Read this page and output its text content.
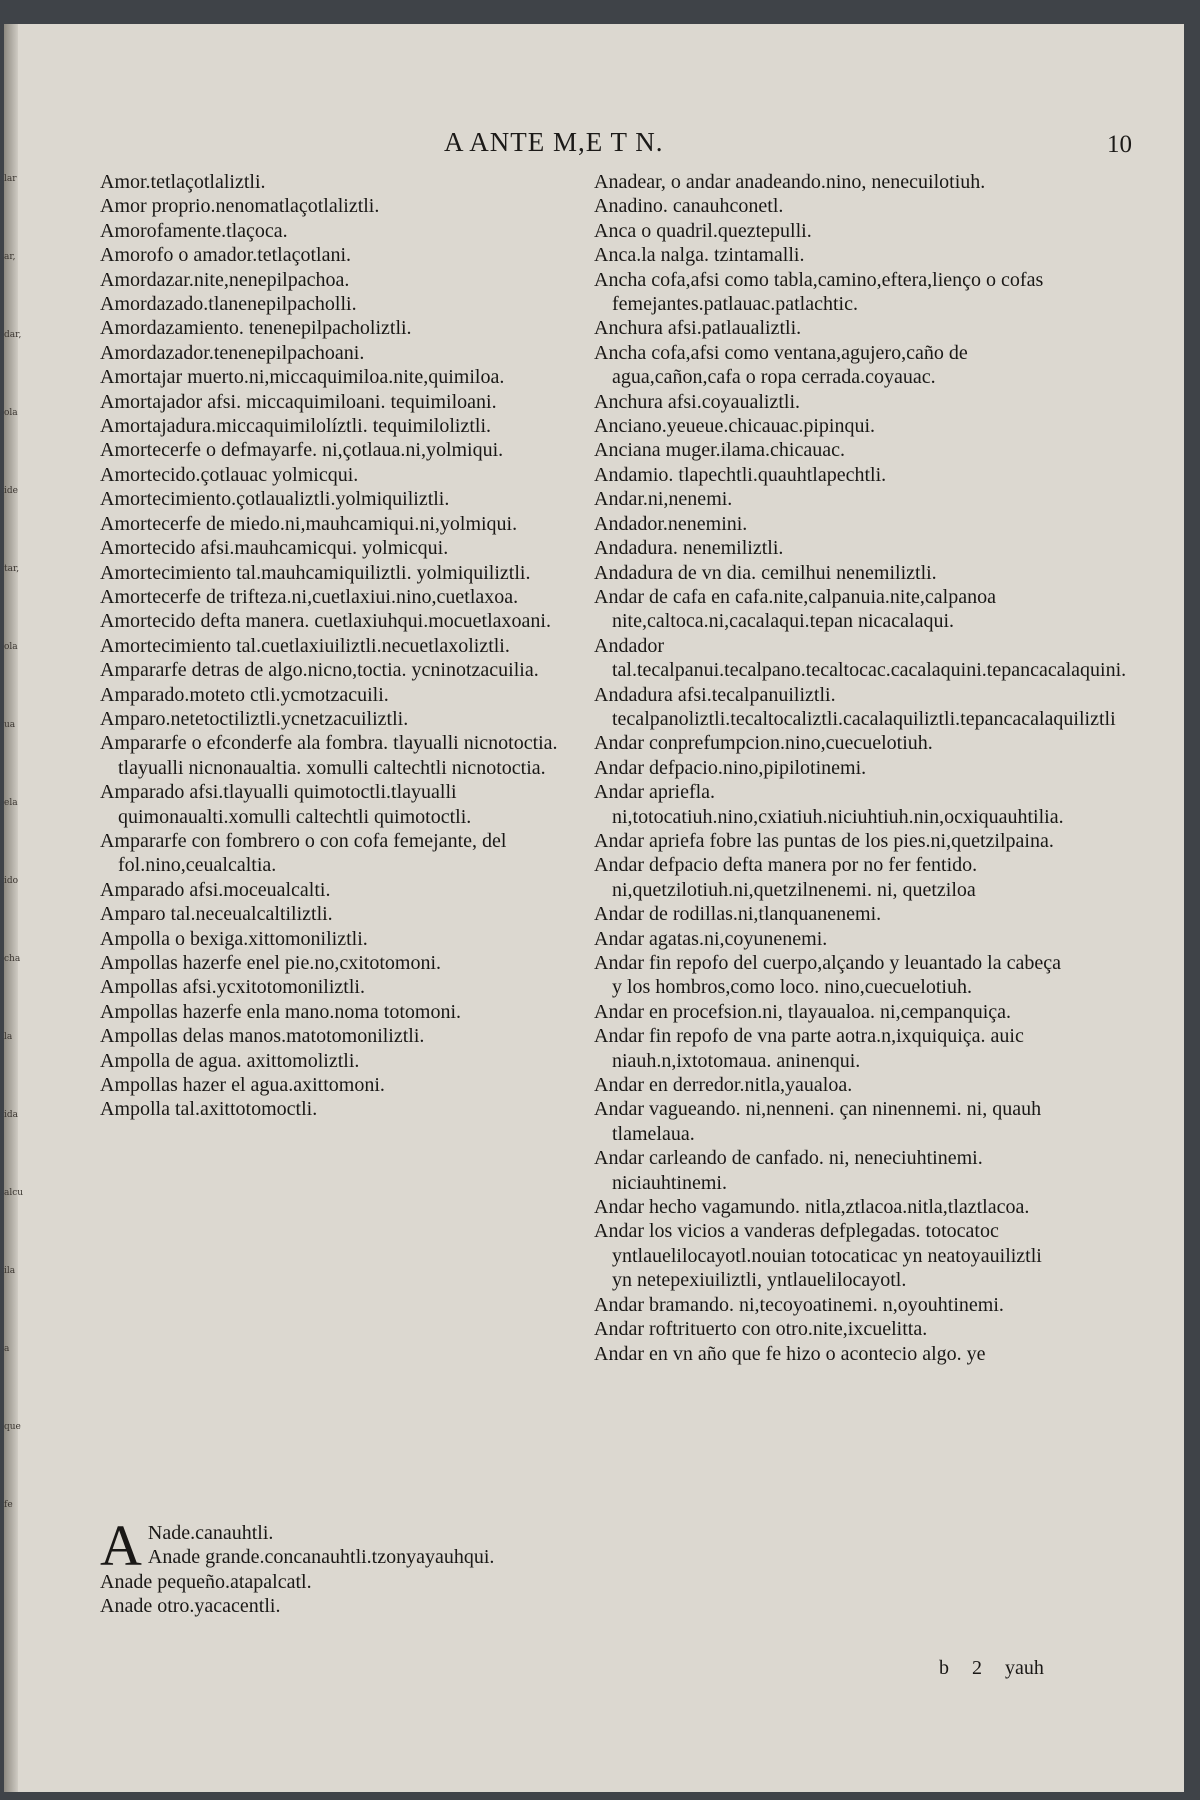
lar
ar,
dar,
ola
ide
tar,
ola
ua
ela
ido
cha
la
ida
alcu
ila
a
que
fe
A ANTE M,E T N.	10
Amor.tetlaçotlaliztli.
Amor proprio.nenomatlaçotlaliztli.
Amorofamente.tlaçoca.
Amorofo o amador.tetlaçotlani.
Amordazar.nite,nenepilpachoa.
Amordazado.tlanenepilpacholli.
Amordazamiento. tenenepilpacholiztli.
Amordazador.tenenepilpachoani.
Amortajar muerto.ni,miccaquimiloa.nite,quimiloa.
Amortajador afsi. miccaquimiloani. tequimiloani.
Amortajadura.miccaquimilolíztli. tequimiloliztli.
Amortecerfe o defmayarfe. ni,çotlaua.ni,yolmiqui.
Amortecido.çotlauac yolmicqui.
Amortecimiento.çotlaualiztli.yolmiquiliztli.
Amortecerfe de miedo.ni,mauhcamiqui.ni,yolmiqui.
Amortecido afsi.mauhcamicqui. yolmicqui.
Amortecimiento tal.mauhcamiquiliztli. yolmiquiliztli.
Amortecerfe de trifteza.ni,cuetlaxiui.nino,cuetlaxoa.
Amortecido defta manera. cuetlaxiuhqui.mocuetlaxoani.
Amortecimiento tal.cuetlaxiuiliztli.necuetlaxoliztli.
Ampararfe detras de algo.nicno,toctia. ycninotzacuilia.
Amparado.moteto ctli.ycmotzacuili.
Amparo.netetoctiliztli.ycnetzacuiliztli.
Ampararfe o efconderfe ala fombra. tlayualli nicnotoctia. tlayualli nicnonaualtia. xomulli caltechtli nicnotoctia.
Amparado afsi.tlayualli quimotoctli.tlayualli quimonaualti.xomulli caltechtli quimotoctli.
Ampararfe con fombrero o con cofa femejante, del fol.nino,ceualcaltia.
Amparado afsi.moceualcalti.
Amparo tal.neceualcaltiliztli.
Ampolla o bexiga.xittomoniliztli.
Ampollas hazerfe enel pie.no,cxitotomoni.
Ampollas afsi.ycxitotomoniliztli.
Ampollas hazerfe enla mano.noma totomoni.
Ampollas delas manos.matotomoniliztli.
Ampolla de agua. axittomoliztli.
Ampollas hazer el agua.axittomoni.
Ampolla tal.axittotomoctli.
A Nade.canauhtli.
Anade grande.concanauhtli.tzonyayauhqui.
Anade pequeño.atapalcatl.
Anade otro.yacacentli.
Anadear, o andar anadeando.nino, nenecuilotiuh.
Anadino. canauhconetl.
Anca o quadril.queztepulli.
Anca.la nalga. tzintamalli.
Ancha cofa,afsi como tabla,camino,eftera,lienço o cofas femejantes.patlauac.patlachtic.
Anchura afsi.patlaualiztli.
Ancha cofa,afsi como ventana,agujero,caño de agua,cañon,cafa o ropa cerrada.coyauac.
Anchura afsi.coyaualiztli.
Anciano.yeueue.chicauac.pipinqui.
Anciana muger.ilama.chicauac.
Andamio. tlapechtli.quauhtlapechtli.
Andar.ni,nenemi.
Andador.nenemini.
Andadura. nenemiliztli.
Andadura de vn dia. cemilhui nenemiliztli.
Andar de cafa en cafa.nite,calpanuia.nite,calpanoa nite,caltoca.ni,cacalaqui.tepan nicacalaqui.
Andador tal.tecalpanui.tecalpano.tecaltocac.cacalaquini.tepancacalaquini.
Andadura afsi.tecalpanuiliztli. tecalpanoliztli.tecaltocaliztli.cacalaquiliztli.tepancacalaquiliztli
Andar conprefumpcion.nino,cuecuelotiuh.
Andar defpacio.nino,pipilotinemi.
Andar apriefla. ni,totocatiuh.nino,cxiatiuh.niciuhtiuh.nin,ocxiquauhtilia.
Andar apriefa fobre las puntas de los pies.ni,quetzilpaina.
Andar defpacio defta manera por no fer fentido. ni,quetzilotiuh.ni,quetzilnenemi. ni, quetziloa
Andar de rodillas.ni,tlanquanenemi.
Andar agatas.ni,coyunenemi.
Andar fin repofo del cuerpo,alçando y leuantado la cabeça y los hombros,como loco. nino,cuecuelotiuh.
Andar en procefsion.ni, tlayaualoa. ni,cempanquiça.
Andar fin repofo de vna parte aotra.n,ixquiquiça. auic niauh.n,ixtotomaua. aninenqui.
Andar en derredor.nitla,yaualoa.
Andar vagueando. ni,nenneni. çan ninennemi. ni, quauh tlamelaua.
Andar carleando de canfado. ni, neneciuhtinemi. niciauhtinemi.
Andar hecho vagamundo. nitla,ztlacoa.nitla,tlaztlacoa.
Andar los vicios a vanderas defplegadas. totocatoc yntlauelilocayotl.nouian totocaticac yn neatoyauiliztli yn netepexiuiliztli, yntlauelilocayotl.
Andar bramando. ni,tecoyoatinemi. n,oyouhtinemi.
Andar roftrituerto con otro.nite,ixcuelitta.
Andar en vn año que fe hizo o acontecio algo. ye
b 2 yauh
